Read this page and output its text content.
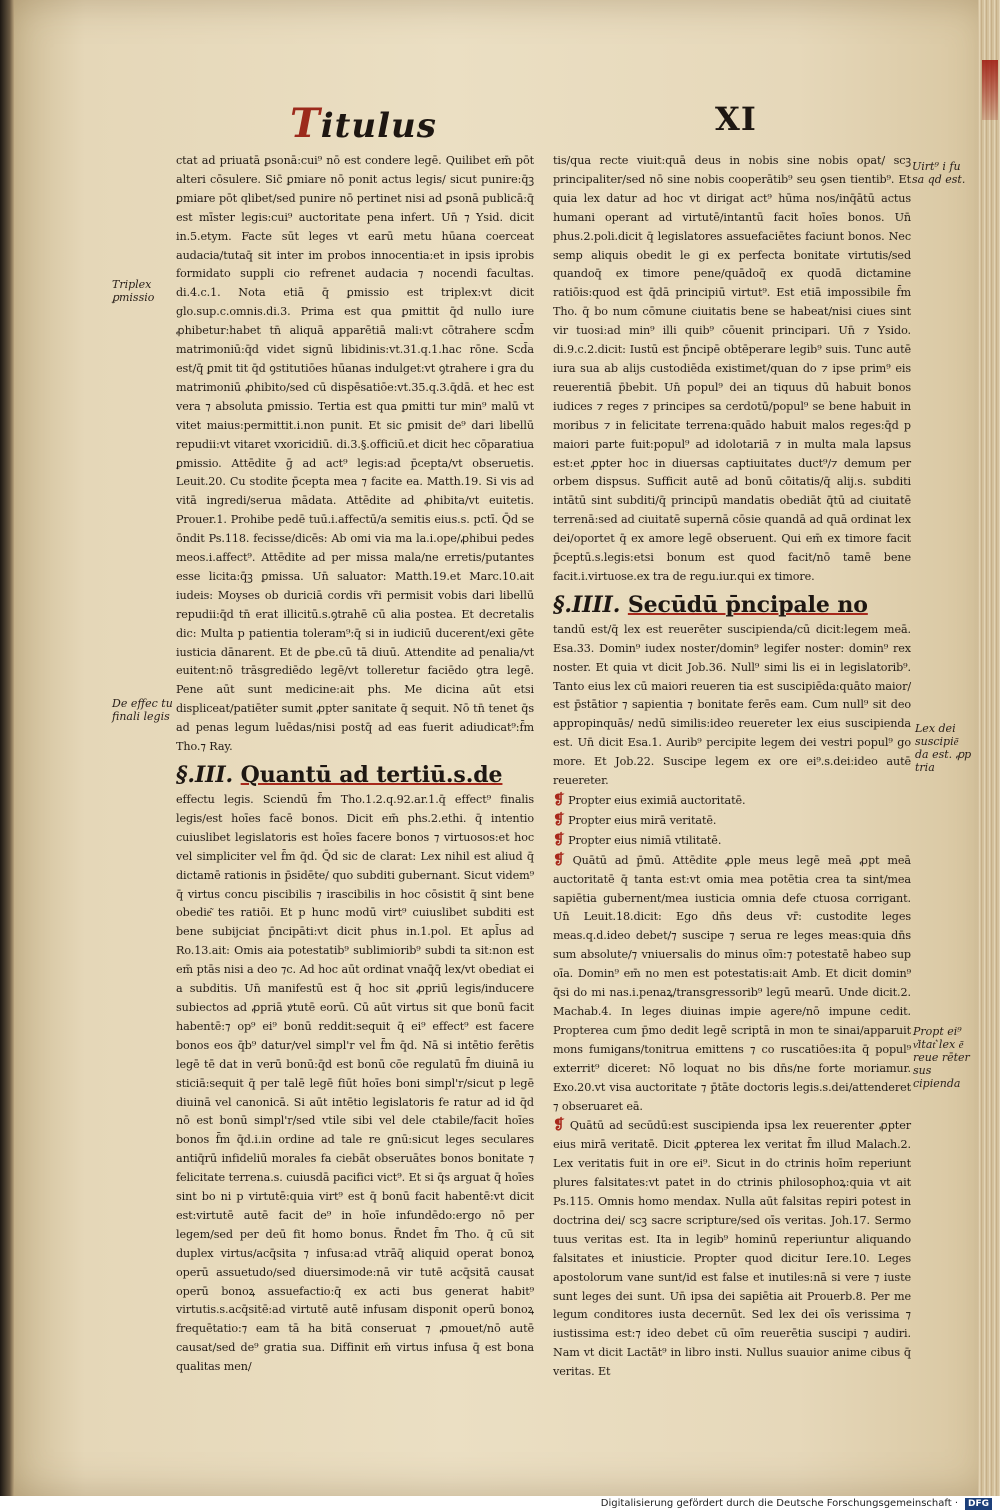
Titulus	XI
Triplex ꝑmissio
De effec tu finali legis
Uirt⁹ i fu sa qd est.
Lex dei suscipie͂ da est. ꝓp tria
Propt ei⁹ v͛itat͛ lex e͂ reue rēter sus cipienda

ctat ad priuatā ꝑsonā:cui⁹ nō est condere legē. Quilibet em̄ pōt alteri cōsulere. Sic̄ ꝑmiare nō ponit actus legis/ sicut punire:q̄ꝫ ꝑmiare pōt qlibet/sed punire nō pertinet nisi ad ꝑsonā publicā:q̄ est mīster legis:cui⁹ auctoritate pena infert. Un̄ ⁊ Ysid. dicit in.5.etym. Facte sūt leges vt earū metu hūana coerceat audacia/tutaq̄ sit inter im probos innocentia:et in ipsis iprobis formidato suppli cio refrenet audacia ⁊ nocendi facultas. di.4.c.1. Nota etiā q̄ ꝑmissio est triplex:vt dicit glo.sup.c.omnis.di.3. Prima est qua ꝑmittit q̄d nullo iure ꝓhibetur:habet tn̄ aliquā apparētiā mali:vt cōtrahere scd̄m matrimoniū:q̄d videt signū libidinis:vt.31.q.1.hac rōne. Scd̄a est/q̄ ꝑmit tit q̄d ꝯstitutiōes hūanas indulget:vt ꝯtrahere i gra du matrimoniū ꝓhibito/sed cū dispēsatiōe:vt.35.q.3.q̄dā. et hec est vera ⁊ absoluta ꝑmissio. Tertia est qua ꝑmitti tur min⁹ malū vt vitet maius:permittit.i.non punit. Et sic ꝑmisit de⁹ dari libellū repudii:vt vitaret vxoricidiū. di.3.§.officiū.et dicit hec cōparatiua ꝑmissio. Attēdite ḡ ad act⁹ legis:ad p̄cepta/vt obseruetis. Leuit.20. Cu stodite p̄cepta mea ⁊ facite ea. Matth.19. Si vis ad vitā ingredi/serua mādata. Attēdite ad ꝓhibita/vt euitetis. Prouer.1. Prohibe pedē tuū.i.affectū/a semitis eius.s. pctī. Q̄d se ōndit Ps.118. fecisse/dicēs: Ab omi via ma la.i.ope/ꝓhibui pedes meos.i.affect⁹. Attēdite ad per missa mala/ne erretis/putantes esse licita:q̄ꝫ ꝑmissa. Un̄ saluator: Matth.19.et Marc.10.ait iudeis: Moyses ob duriciā cordis vr̄i permisit vobis dari libellū repudii:q̄d tn̄ erat illicitū.s.ꝯtrahē cū alia postea. Et decretalis dic: Multa p patientia toleram⁹:q̄ si in iudiciū ducerent/exi gēte iusticia dānarent. Et de ꝑbe.cū tā diuū. Attendite ad penalia/vt euitent:nō trāsgrediēdo legē/vt tolleretur faciēdo ꝯtra legē. Pene aūt sunt medicine:ait phs. Me dicina aūt etsi displiceat/patiēter sumit ꝓpter sanitate q̄ sequit. Nō tn̄ tenet q̄s ad penas legum luēdas/nisi postq̄ ad eas fuerit adiudicat⁹:f̄m Tho.⁊ Ray.

§.III. Quantū ad tertiū.s.de

effectu legis. Sciendū f̄m Tho.1.2.q.92.ar.1.q̄ effect⁹ finalis legis/est hoīes facē bonos. Dicit em̄ phs.2.ethi. q̄ intentio cuiuslibet legislatoris est hoīes facere bonos ⁊ virtuosos:et hoc vel simpliciter vel f̄m q̄d. Q̄d sic de clarat: Lex nihil est aliud q̄ dictamē rationis in p̄sidēte/ quo subditi gubernant. Sicut videm⁹ q̄ virtus concu piscibilis ⁊ irascibilis in hoc cōsistit q̄ sint bene obedie͂ tes ratiōi. Et p hunc modū virt⁹ cuiuslibet subditi est bene subijciat p̄ncipāti:vt dicit phus in.1.pol. Et apl̄us ad Ro.13.ait: Omis aia potestatib⁹ sublimiorib⁹ subdi ta sit:non est em̄ ptās nisi a deo ⁊c. Ad hoc aūt ordinat vnaq̄q̄ lex/vt obediat ei a subditis. Un̄ manifestū est q̄ hoc sit ꝓpriū legis/inducere subiectos ad ꝓpriā ꝟtutē eorū. Cū aūt virtus sit que bonū facit habentē:⁊ op⁹ ei⁹ bonū reddit:sequit q̄ ei⁹ effect⁹ est facere bonos eos q̄b⁹ datur/vel simpl'r vel f̄m q̄d. Nā si intētio ferētis legē tē dat in verū bonū:q̄d est bonū cōe regulatū f̄m diuinā iu sticiā:sequit q̄ per talē legē fiūt hoīes boni simpl'r/sicut p legē diuinā vel canonicā. Si aūt intētio legislatoris fe ratur ad id q̄d nō est bonū simpl'r/sed vtile sibi vel dele ctabile/facit hoīes bonos f̄m q̄d.i.in ordine ad tale re gnū:sicut leges seculares antiq̄rū infideliū morales fa ciebāt obseruātes bonos bonitate ⁊ felicitate terrena.s. cuiusdā pacifici vict⁹. Et si q̄s arguat q̄ hoīes sint bo ni p virtutē:quia virt⁹ est q̄ bonū facit habentē:vt dicit est:virtutē autē facit de⁹ in hoīe infundēdo:ergo nō per legem/sed per deū fit homo bonus. R̄ndet f̄m Tho. q̄ cū sit duplex virtus/acq̄sita ⁊ infusa:ad vtrāq̄ aliquid operat bonoꝝ operū assuetudo/sed diuersimode:nā vir tutē acq̄sitā causat operū bonoꝝ assuefactio:q̄ ex acti bus generat habit⁹ virtutis.s.acq̄sitē:ad virtutē autē infusam disponit operū bonoꝝ frequētatio:⁊ eam tā ha bitā conseruat ⁊ ꝓmouet/nō autē causat/sed de⁹ gratia sua. Diffinit em̄ virtus infusa q̄ est bona qualitas men/

tis/qua recte viuit:quā deus in nobis sine nobis opat/ scꝫ principaliter/sed nō sine nobis cooperātib⁹ seu ꝯsen tientib⁹. Et quia lex datur ad hoc vt dirigat act⁹ hūma nos/inq̄ātū actus humani operant ad virtutē/intantū facit hoīes bonos. Un̄ phus.2.poli.dicit q̄ legislatores assuefaciētes faciunt bonos. Nec semp aliquis obedit le gi ex perfecta bonitate virtutis/sed quandoq̄ ex timore pene/quādoq̄ ex quodā dictamine ratiōis:quod est q̄dā principiū virtut⁹. Est etiā impossibile f̄m Tho. q̄ bo num cōmune ciuitatis bene se habeat/nisi ciues sint vir tuosi:ad min⁹ illi quib⁹ cōuenit principari. Un̄ ⁊ Ysido. di.9.c.2.dicit: Iustū est p̄ncipē obtēperare legib⁹ suis. Tunc autē iura sua ab alijs custodiēda existimet/quan do ⁊ ipse prim⁹ eis reuerentiā p̄bebit. Un̄ popul⁹ dei an tiquus dū habuit bonos iudices ⁊ reges ⁊ principes sa cerdotū/popul⁹ se bene habuit in moribus ⁊ in felicitate terrena:quādo habuit malos reges:q̄d p maiori parte fuit:popul⁹ ad idolotariā ⁊ in multa mala lapsus est:et ꝓpter hoc in diuersas captiuitates duct⁹/⁊ demum per orbem dispsus. Sufficit autē ad bonū cōitatis/q̄ alij.s. subditi intātū sint subditi/q̄ principū mandatis obediāt q̄tū ad ciuitatē terrenā:sed ad ciuitatē supernā cōsie quandā ad quā ordinat lex dei/oportet q̄ ex amore legē obseruent. Qui em̄ ex timore facit p̄ceptū.s.legis:etsi bonum est quod facit/nō tamē bene facit.i.virtuose.ex tra de regu.iur.qui ex timore.

§.IIII. Secūdū p̄ncipale no

tandū est/q̄ lex est reuerēter suscipienda/cū dicit:legem meā. Esa.33. Domin⁹ iudex noster/domin⁹ legifer noster: domin⁹ rex noster. Et quia vt dicit Job.36. Null⁹ simi lis ei in legislatorib⁹. Tanto eius lex cū maiori reueren tia est suscipiēda:quāto maior/ est p̄stātior ⁊ sapientia ⁊ bonitate ferēs eam. Cum null⁹ sit deo appropinquās/ nedū similis:ideo reuereter lex eius suscipienda est. Un̄ dicit Esa.1. Aurib⁹ percipite legem dei vestri popul⁹ go more. Et Job.22. Suscipe legem ex ore ei⁹.s.dei:ideo autē reuereter.

❡ Propter eius eximiā auctoritatē.
❡ Propter eius mirā veritatē.
❡ Propter eius nimiā vtilitatē.

❡ Quātū ad p̄mū. Attēdite ꝓple meus legē meā ꝓpt meā auctoritatē q̄ tanta est:vt omia mea potētia crea ta sint/mea sapiētia gubernent/mea iusticia omnia defe ctuosa corrigant. Un̄ Leuit.18.dicit: Ego dn̄s deus vr̄: custodite leges meas.q.d.ideo debet/⁊ suscipe ⁊ serua re leges meas:quia dn̄s sum absolute/⁊ vniuersalis do minus oīm:⁊ potestatē habeo sup oīa. Domin⁹ em̄ no men est potestatis:ait Amb. Et dicit domin⁹ q̄si do mi nas.i.penaꝝ/transgressorib⁹ legū mearū. Unde dicit.2. Machab.4. In leges diuinas impie agere/nō impune cedit. Propterea cum p̄mo dedit legē scriptā in mon te sinai/apparuit mons fumigans/tonitrua emittens ⁊ co ruscatiōes:ita q̄ popul⁹ exterrit⁹ diceret: Nō loquat no bis dn̄s/ne forte moriamur. Exo.20.vt visa auctoritate ⁊ p̄tāte doctoris legis.s.dei/attenderet ⁊ obseruaret eā.

❡ Quātū ad secūdū:est suscipienda ipsa lex reuerenter ꝓpter eius mirā veritatē. Dicit ꝓpterea lex veritat f̄m illud Malach.2. Lex veritatis fuit in ore ei⁹. Sicut in do ctrinis hoīm reperiunt plures falsitates:vt patet in do ctrinis philosophoꝝ:quia vt ait Ps.115. Omnis homo mendax. Nulla aūt falsitas repiri potest in doctrina dei/ scꝫ sacre scripture/sed oīs veritas. Joh.17. Sermo tuus veritas est. Ita in legib⁹ hominū reperiuntur aliquando falsitates et iniusticie. Propter quod dicitur Iere.10. Leges apostolorum vane sunt/id est false et inutiles:nā si vere ⁊ iuste sunt leges dei sunt. Un̄ ipsa dei sapiētia ait Prouerb.8. Per me legum conditores iusta decernūt. Sed lex dei oīs verissima ⁊ iustissima est:⁊ ideo debet cū oīm reuerētia suscipi ⁊ audiri. Nam vt dicit Lactāt⁹ in libro insti. Nullus suauior anime cibus q̄ veritas. Et

Digitalisierung gefördert durch die Deutsche Forschungsgemeinschaft ·	DFG
